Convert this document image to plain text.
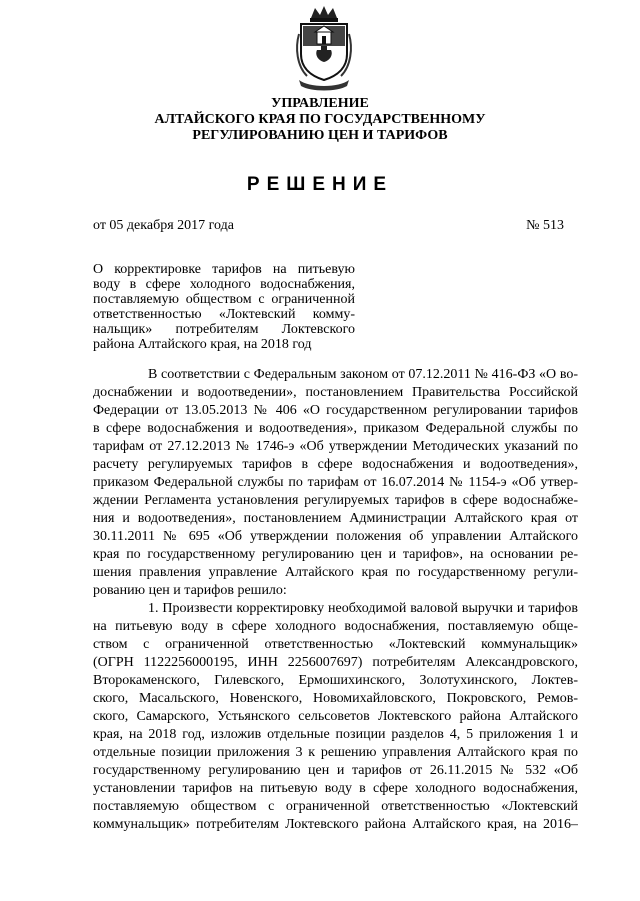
УПРАВЛЕНИЕ
АЛТАЙСКОГО КРАЯ ПО ГОСУДАРСТВЕННОМУ
РЕГУЛИРОВАНИЮ ЦЕН И ТАРИФОВ
РЕШЕНИЕ
от 05 декабря 2017 года	№ 513
О корректировке тарифов на питьевую
воду в сфере холодного водоснабжения,
поставляемую обществом с ограниченной
ответственностью «Локтевский комму-
нальщик» потребителям Локтевского
района Алтайского края, на 2018 год
В соответствии с Федеральным законом от 07.12.2011 № 416-ФЗ «О во-
доснабжении и водоотведении», постановлением Правительства Российской
Федерации от 13.05.2013 № 406 «О государственном регулировании тарифов
в сфере водоснабжения и водоотведения», приказом Федеральной службы по
тарифам от 27.12.2013 № 1746-э «Об утверждении Методических указаний по
расчету регулируемых тарифов в сфере водоснабжения и водоотведения»,
приказом Федеральной службы по тарифам от 16.07.2014 № 1154-э «Об утвер-
ждении Регламента установления регулируемых тарифов в сфере водоснабже-
ния и водоотведения», постановлением Администрации Алтайского края от
30.11.2011 № 695 «Об утверждении положения об управлении Алтайского
края по государственному регулированию цен и тарифов», на основании ре-
шения правления управление Алтайского края по государственному регули-
рованию цен и тарифов решило:
1. Произвести корректировку необходимой валовой выручки и тарифов
на питьевую воду в сфере холодного водоснабжения, поставляемую обще-
ством с ограниченной ответственностью «Локтевский коммунальщик»
(ОГРН 1122256000195, ИНН 2256007697) потребителям Александровского,
Второкаменского, Гилевского, Ермошихинского, Золотухинского, Локтев-
ского, Масальского, Новенского, Новомихайловского, Покровского, Ремов-
ского, Самарского, Устьянского сельсоветов Локтевского района Алтайского
края, на 2018 год, изложив отдельные позиции разделов 4, 5 приложения 1 и
отдельные позиции приложения 3 к решению управления Алтайского края по
государственному регулированию цен и тарифов от 26.11.2015 № 532 «Об
установлении тарифов на питьевую воду в сфере холодного водоснабжения,
поставляемую обществом с ограниченной ответственностью «Локтевский
коммунальщик» потребителям Локтевского района Алтайского края, на 2016–
